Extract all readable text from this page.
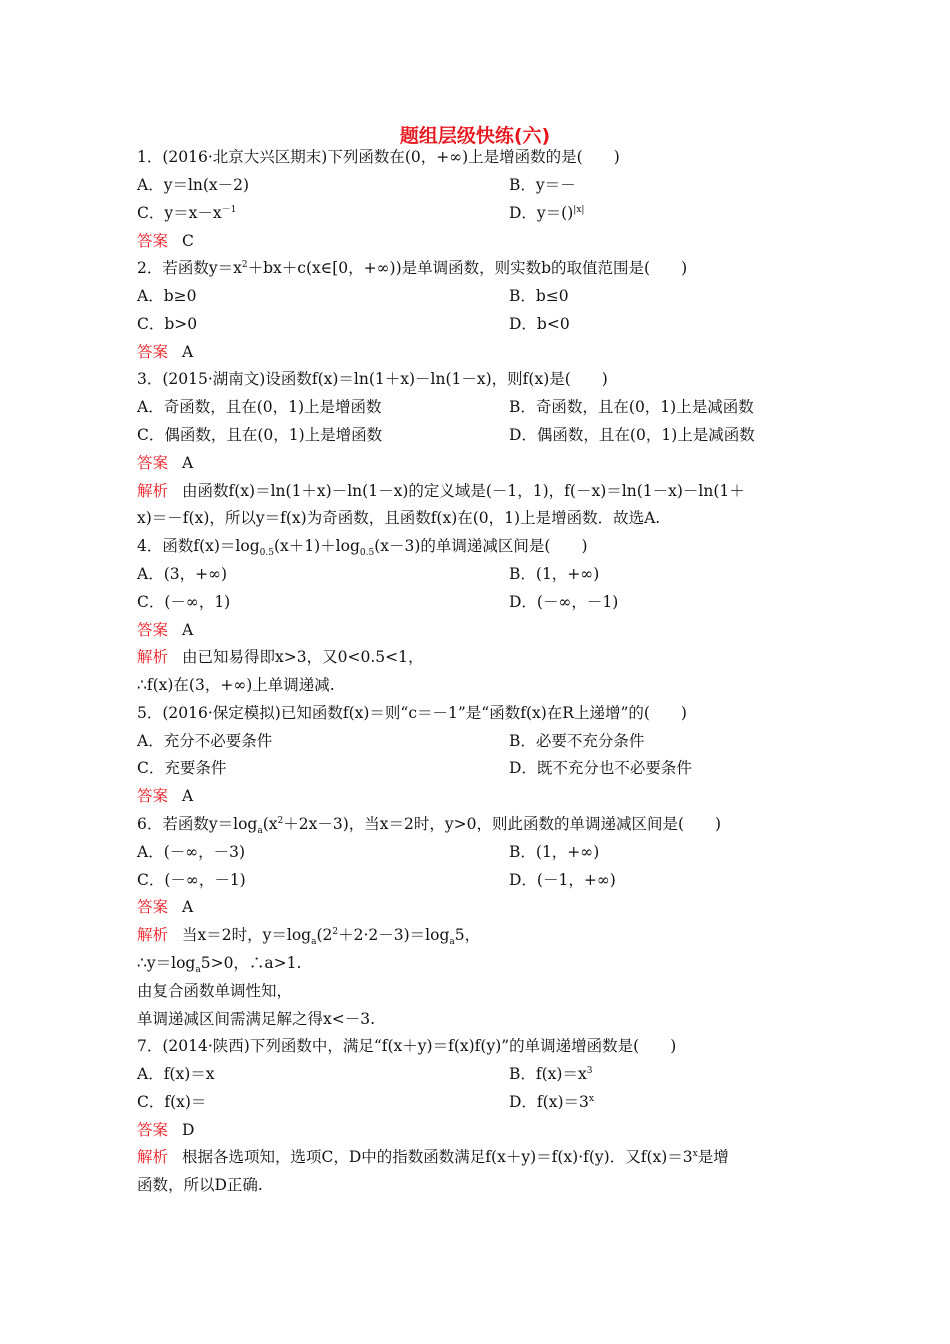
题组层级快练(六)
1．(2016·北京大兴区期末)下列函数在(0，+∞)上是增函数的是(　　)
A．y＝ln(x－2)	B．y＝－
C．$y=x-x^{-1}$	D．y＝()$^{|x|}$
答案 C
2．若函数$y=x^2+bx+c(x\in[0$，+∞))是单调函数，则实数b的取值范围是(　　)
A．b≥0	B．b≤0
C．b>0	D．b<0
答案 A
3．(2015·湖南文)设函数f(x)＝ln(1＋x)－ln(1－x)，则f(x)是(　　)
A．奇函数，且在(0，1)上是增函数	B．奇函数，且在(0，1)上是减函数
C．偶函数，且在(0，1)上是增函数	D．偶函数，且在(0，1)上是减函数
答案 A
解析 由函数f(x)＝ln(1＋x)－ln(1－x)的定义域是(－1，1)，f(－x)＝ln(1－x)－ln(1＋
x)＝－f(x)，所以y＝f(x)为奇函数，且函数f(x)在(0，1)上是增函数．故选A.
4．函数$f(x)=\log_{0.5}(x+1)+\log_{0.5}(x-3)$的单调递减区间是(　　)
A．(3，+∞)	B．(1，+∞)
C．(－∞，1)	D．(－∞，－1)
答案 A
解析 由已知易得即x>3，又0<0.5<1，
∴f(x)在(3，+∞)上单调递减.
5．(2016·保定模拟)已知函数f(x)＝则“c＝－1”是“函数f(x)在R上递增”的(　　)
A．充分不必要条件	B．必要不充分条件
C．充要条件	D．既不充分也不必要条件
答案 A
6．若函数$y=\log_a(x^2+2x-3)$，当x＝2时，y>0，则此函数的单调递减区间是(　　)
A．(－∞，－3)	B．(1，+∞)
C．(－∞，－1)	D．(－1，+∞)
答案 A
解析 当x＝2时，$y=\log_a(2^2+2\cdot 2-3)=\log_a5$，
$\therefore y=\log_a5>0$，∴a>1.
由复合函数单调性知，
单调递减区间需满足解之得x<－3.
7．(2014·陕西)下列函数中，满足“f(x＋y)＝f(x)f(y)”的单调递增函数是(　　)
A．f(x)＝x	B．$f(x)=x^3$
C．f(x)＝	D．$f(x)=3^x$
答案 D
解析 根据各选项知，选项C，D中的指数函数满足f(x＋y)＝f(x)·f(y)．又$f(x)=3^x$是增
函数，所以D正确.
